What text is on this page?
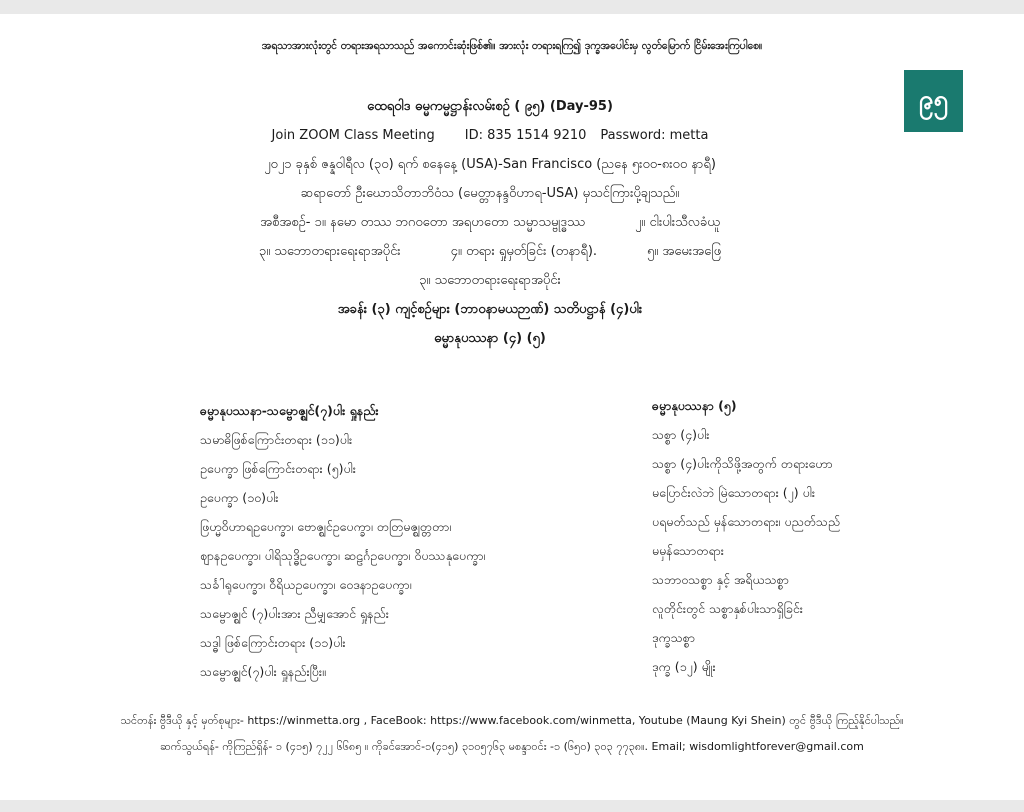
အရသာအားလုံးတွင် တရားအရသာသည် အကောင်းဆုံးဖြစ်၏။ အားလုံး တရားရကြ၍ ဒုက္ခအပေါင်းမှ လွတ်မြောက် ငြိမ်းအေးကြပါစေ။
၉၅
ထေရဝါဒ ဓမ္မကမ္မဋ္ဌာန်းလမ်းစဉ် ( ၉၅) (Day-95)
Join ZOOM Class Meeting ID: 835 1514 9210 Password: metta
၂၀၂၁ ခုနှစ် ဇန္နဝါရီလ (၃၀) ရက် စနေနေ့ (USA)-San Francisco (ညနေ ၅း၀၀-၈း၀၀ နာရီ)
ဆရာတော် ဦးဃောသိတာဘိဝံသ (မေတ္တာနန္ဒဝိဟာရ-USA) မှသင်ကြားပို့ချသည်။
အစီအစဉ်- ၁။ နမော တဿ ဘဂဝတော အရဟတော သမ္မာသမ္ဗုဒ္ဓဿ	၂။ ငါးပါးသီလခံယူ
၃။ သဘောတရားရေးရာအပိုင်း	၄။ တရား ရှုမှတ်ခြင်း (တနာရီ).	၅။ အမေးအဖြေ
၃။ သဘောတရားရေးရာအပိုင်း
အခန်း (၃) ကျင့်စဉ်များ (ဘာဝနာမယဉာဏ်) သတိပဋ္ဌာန် (၄)ပါး
ဓမ္မာနုပဿနာ (၄) (၅)
ဓမ္မာနုပဿနာ-သမ္ဗောဇ္ဈင်(၇)ပါး ရှုနည်း
သမာဓိဖြစ်ကြောင်းတရား (၁၁)ပါး
ဥပေက္ခာ ဖြစ်ကြောင်းတရား (၅)ပါး
ဥပေက္ခာ (၁၀)ပါး
ဖြဟ္မဝိဟာရဥပေက္ခာ၊ ဗောဇ္ဈင်ဥပေက္ခာ၊ တတြမဇ္ဈတ္တတာ၊
ဈာနဥပေက္ခာ၊ ပါရိသုဒ္ဓိဥပေက္ခာ၊ ဆဠင်္ဂဥပေက္ခာ၊ ဝိပဿနုပေက္ခာ၊
သင်္ခါရုပေက္ခာ၊ ဝီရိယဥပေက္ခာ၊ ဝေဒနာဥပေက္ခာ၊
သမ္ဗောဇ္ဈင် (၇)ပါးအား ညီမျှအောင် ရှုနည်း
သဒ္ဓါ ဖြစ်ကြောင်းတရား (၁၁)ပါး
သမ္ဗောဇ္ဈင်(၇)ပါး ရှုနည်းပြီး။
ဓမ္မာနုပဿနာ (၅)
သစ္စာ (၄)ပါး
သစ္စာ (၄)ပါးကိုသိဖို့အတွက် တရားဟော
မပြောင်းလဲဘဲ မြဲသောတရား (၂) ပါး
ပရမတ်သည် မှန်သောတရား၊ ပညတ်သည်
မမှန်သောတရား
သဘာဝသစ္စာ နှင့် အရိယသစ္စာ
လူတိုင်းတွင် သစ္စာနှစ်ပါးသာရှိခြင်း
ဒုက္ခသစ္စာ
ဒုက္ခ (၁၂) မျိုး
သင်တန်း ဗွီဒီယို နှင့် မှတ်စုများ- https://winmetta.org , FaceBook: https://www.facebook.com/winmetta, Youtube (Maung Kyi Shein) တွင် ဗွီဒီယို ကြည့်နိုင်ပါသည်။
ဆက်သွယ်ရန်- ကိုကြည်ရှိန်- ၁ (၄၁၅) ၇၂၂ ၆၆၈၅ ။ ကိုခင်အောင်-၁(၄၁၅) ၃၁၀၅၇၆၃ မစန္ဒာဝင်း -၁ (၆၅၀) ၃၀၃ ၇၇၃၈။. Email; wisdomlightforever@gmail.com
